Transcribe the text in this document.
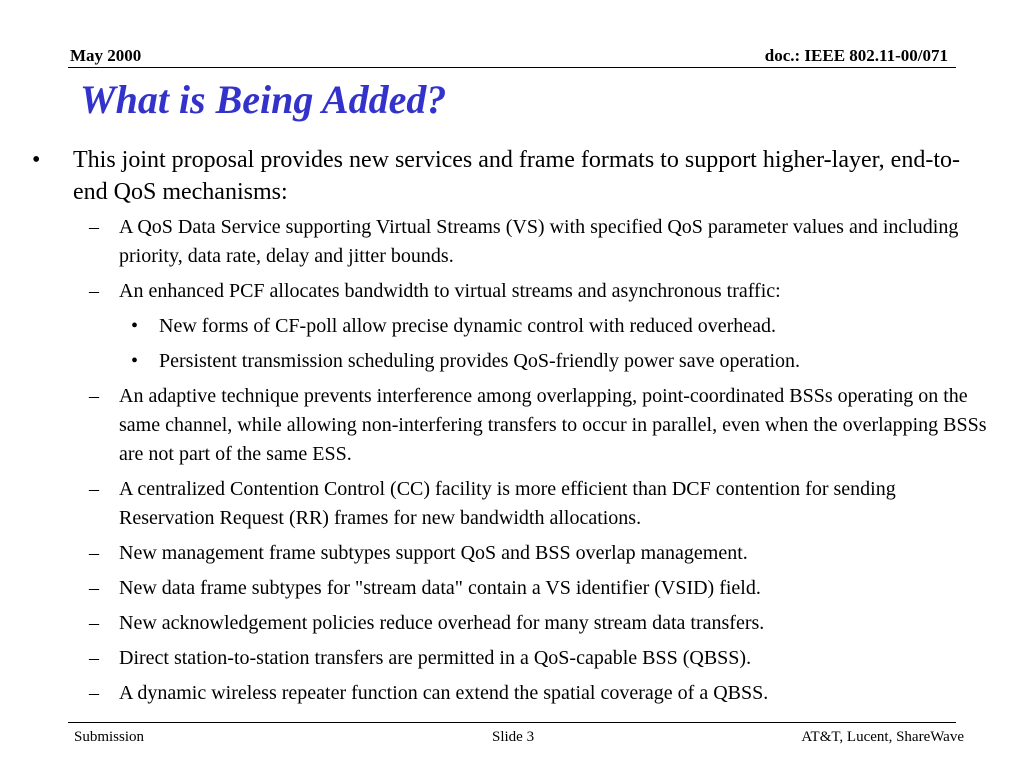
May 2000	doc.: IEEE 802.11-00/071
What is Being Added?
• This joint proposal provides new services and frame formats to support higher-layer, end-to-end QoS mechanisms:
– A QoS Data Service supporting Virtual Streams (VS) with specified QoS parameter values and including priority, data rate, delay and jitter bounds.
– An enhanced PCF allocates bandwidth to virtual streams and asynchronous traffic:
• New forms of CF-poll allow precise dynamic control with reduced overhead.
• Persistent transmission scheduling provides QoS-friendly power save operation.
– An adaptive technique prevents interference among overlapping, point-coordinated BSSs operating on the same channel, while allowing non-interfering transfers to occur in parallel, even when the overlapping BSSs are not part of the same ESS.
– A centralized Contention Control (CC) facility is more efficient than DCF contention for sending Reservation Request (RR) frames for new bandwidth allocations.
– New management frame subtypes support QoS and BSS overlap management.
– New data frame subtypes for "stream data" contain a VS identifier (VSID) field.
– New acknowledgement policies reduce overhead for many stream data transfers.
– Direct station-to-station transfers are permitted in a QoS-capable BSS (QBSS).
– A dynamic wireless repeater function can extend the spatial coverage of a QBSS.
Submission	Slide 3	AT&T, Lucent, ShareWave
